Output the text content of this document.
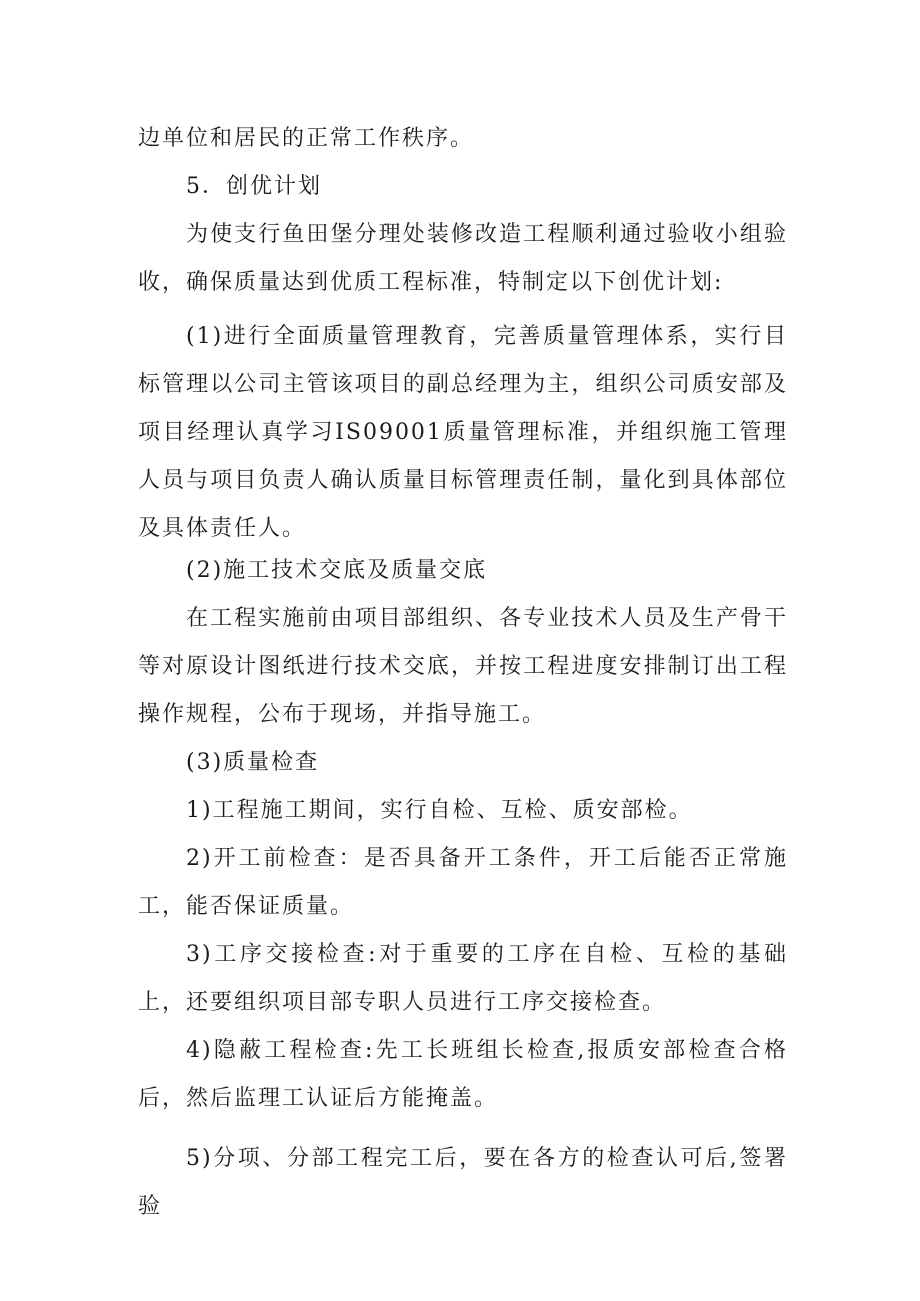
边单位和居民的正常工作秩序。

5．创优计划

为使支行鱼田堡分理处装修改造工程顺利通过验收小组验收，确保质量达到优质工程标准，特制定以下创优计划:

(1)进行全面质量管理教育，完善质量管理体系，实行目标管理以公司主管该项目的副总经理为主，组织公司质安部及项目经理认真学习IS09001质量管理标准，并组织施工管理人员与项目负责人确认质量目标管理责任制，量化到具体部位及具体责任人。

(2)施工技术交底及质量交底

在工程实施前由项目部组织、各专业技术人员及生产骨干等对原设计图纸进行技术交底，并按工程进度安排制订出工程操作规程，公布于现场，并指导施工。

(3)质量检查

1)工程施工期间，实行自检、互检、质安部检。

2)开工前检查：是否具备开工条件，开工后能否正常施工，能否保证质量。

3)工序交接检查:对于重要的工序在自检、互检的基础上，还要组织项目部专职人员进行工序交接检查。

4)隐蔽工程检查:先工长班组长检查,报质安部检查合格后，然后监理工认证后方能掩盖。

5)分项、分部工程完工后，要在各方的检查认可后,签署验
